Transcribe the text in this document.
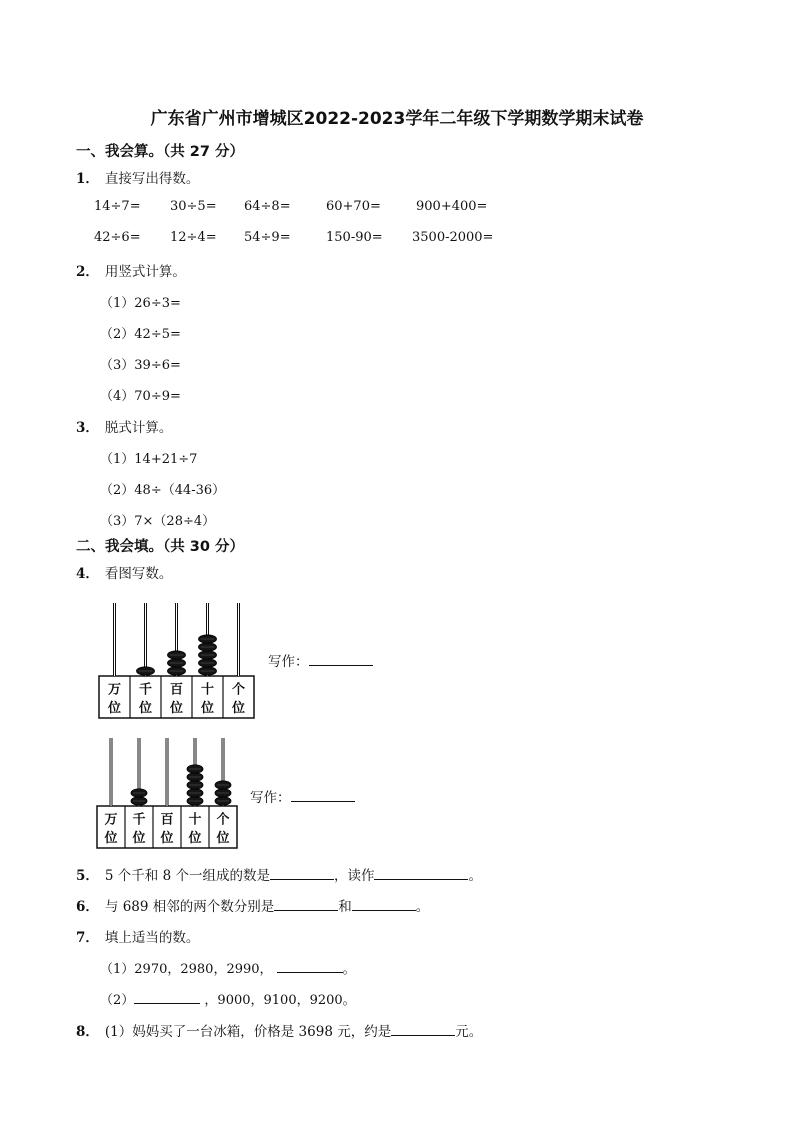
广东省广州市增城区2022-2023学年二年级下学期数学期末试卷
一、我会算。（共 27 分）
1． 直接写出得数。
14÷7= 30÷5= 64÷8=	60+70=	900+400=
42÷6= 12÷4= 54÷9=	150-90= 3500-2000=
2． 用竖式计算。
（1）26÷3=
（2）42÷5=
（3）39÷6=
（4）70÷9=
3． 脱式计算。
（1）14+21÷7
（2）48÷（44-36）
（3）7×（28÷4）
二、我会填。（共 30 分）
4． 看图写数。
万
位
千
位
百
位
十
位
个
位
写作：
万
位
千
位
百
位
十
位
个
位
写作：
5． 5 个千和 8 个一组成的数是	，读作	。
6． 与 689 相邻的两个数分别是	和	。
7． 填上适当的数。
（1）2970，2980，2990，	。
（2）	，9000，9100，9200。
8． (1）妈妈买了一台冰箱，价格是 3698 元，约是	元。
